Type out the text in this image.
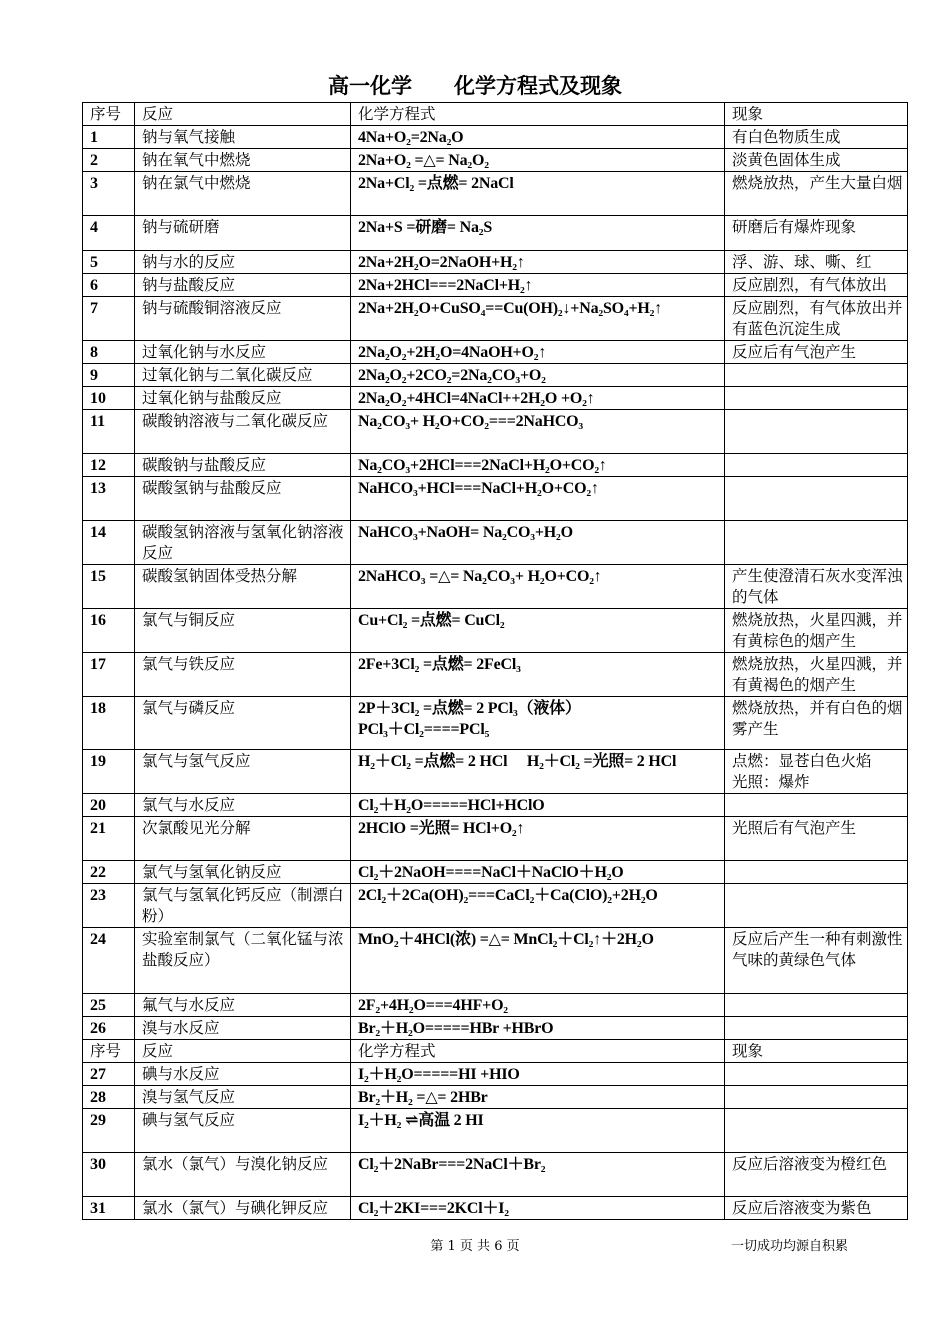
高一化学　　化学方程式及现象
序号	反应	化学方程式	现象
1	钠与氧气接触	4Na+O₂=2Na₂O	有白色物质生成
2	钠在氧气中燃烧	2Na+O₂ =△= Na₂O₂	淡黄色固体生成
3	钠在氯气中燃烧	2Na+Cl₂ =点燃= 2NaCl	燃烧放热，产生大量白烟
4	钠与硫研磨	2Na+S =研磨= Na₂S	研磨后有爆炸现象
5	钠与水的反应	2Na+2H₂O=2NaOH+H₂↑	浮、游、球、嘶、红
6	钠与盐酸反应	2Na+2HCl===2NaCl+H₂↑	反应剧烈，有气体放出
7	钠与硫酸铜溶液反应	2Na+2H₂O+CuSO₄==Cu(OH)₂↓+Na₂SO₄+H₂↑	反应剧烈，有气体放出并有蓝色沉淀生成
8	过氧化钠与水反应	2Na₂O₂+2H₂O=4NaOH+O₂↑	反应后有气泡产生
9	过氧化钠与二氧化碳反应	2Na₂O₂+2CO₂=2Na₂CO₃+O₂	
10	过氧化钠与盐酸反应	2Na₂O₂+4HCl=4NaCl++2H₂O +O₂↑	
11	碳酸钠溶液与二氧化碳反应	Na₂CO₃+ H₂O+CO₂===2NaHCO₃	
12	碳酸钠与盐酸反应	Na₂CO₃+2HCl===2NaCl+H₂O+CO₂↑	
13	碳酸氢钠与盐酸反应	NaHCO₃+HCl===NaCl+H₂O+CO₂↑	
14	碳酸氢钠溶液与氢氧化钠溶液反应	NaHCO₃+NaOH= Na₂CO₃+H₂O	
15	碳酸氢钠固体受热分解	2NaHCO₃ =△= Na₂CO₃+ H₂O+CO₂↑	产生使澄清石灰水变浑浊的气体
16	氯气与铜反应	Cu+Cl₂ =点燃= CuCl₂	燃烧放热，火星四溅，并有黄棕色的烟产生
17	氯气与铁反应	2Fe+3Cl₂ =点燃= 2FeCl₃	燃烧放热，火星四溅，并有黄褐色的烟产生
18	氯气与磷反应	2P＋3Cl₂ =点燃= 2 PCl₃（液体）
PCl₃＋Cl₂====PCl₅	燃烧放热，并有白色的烟雾产生
19	氯气与氢气反应	H₂＋Cl₂ =点燃= 2 HCl　 H₂＋Cl₂ =光照= 2 HCl	点燃：显苍白色火焰
光照：爆炸
20	氯气与水反应	Cl₂＋H₂O=====HCl+HClO	
21	次氯酸见光分解	2HClO =光照= HCl+O₂↑	光照后有气泡产生
22	氯气与氢氧化钠反应	Cl₂＋2NaOH====NaCl＋NaClO＋H₂O	
23	氯气与氢氧化钙反应（制漂白粉）	2Cl₂＋2Ca(OH)₂===CaCl₂＋Ca(ClO)₂+2H₂O	
24	实验室制氯气（二氧化锰与浓盐酸反应）	MnO₂＋4HCl(浓) =△= MnCl₂＋Cl₂↑＋2H₂O	反应后产生一种有刺激性气味的黄绿色气体
25	氟气与水反应	2F₂+4H₂O===4HF+O₂	
26	溴与水反应	Br₂＋H₂O=====HBr +HBrO	
序号	反应	化学方程式	现象
27	碘与水反应	I₂＋H₂O=====HI +HIO	
28	溴与氢气反应	Br₂＋H₂ =△= 2HBr	
29	碘与氢气反应	I₂＋H₂ ⇌高温 2 HI	
30	氯水（氯气）与溴化钠反应	Cl₂＋2NaBr===2NaCl＋Br₂	反应后溶液变为橙红色
31	氯水（氯气）与碘化钾反应	Cl₂＋2KI===2KCl＋I₂	反应后溶液变为紫色
第 1 页 共 6 页	一切成功均源自积累
